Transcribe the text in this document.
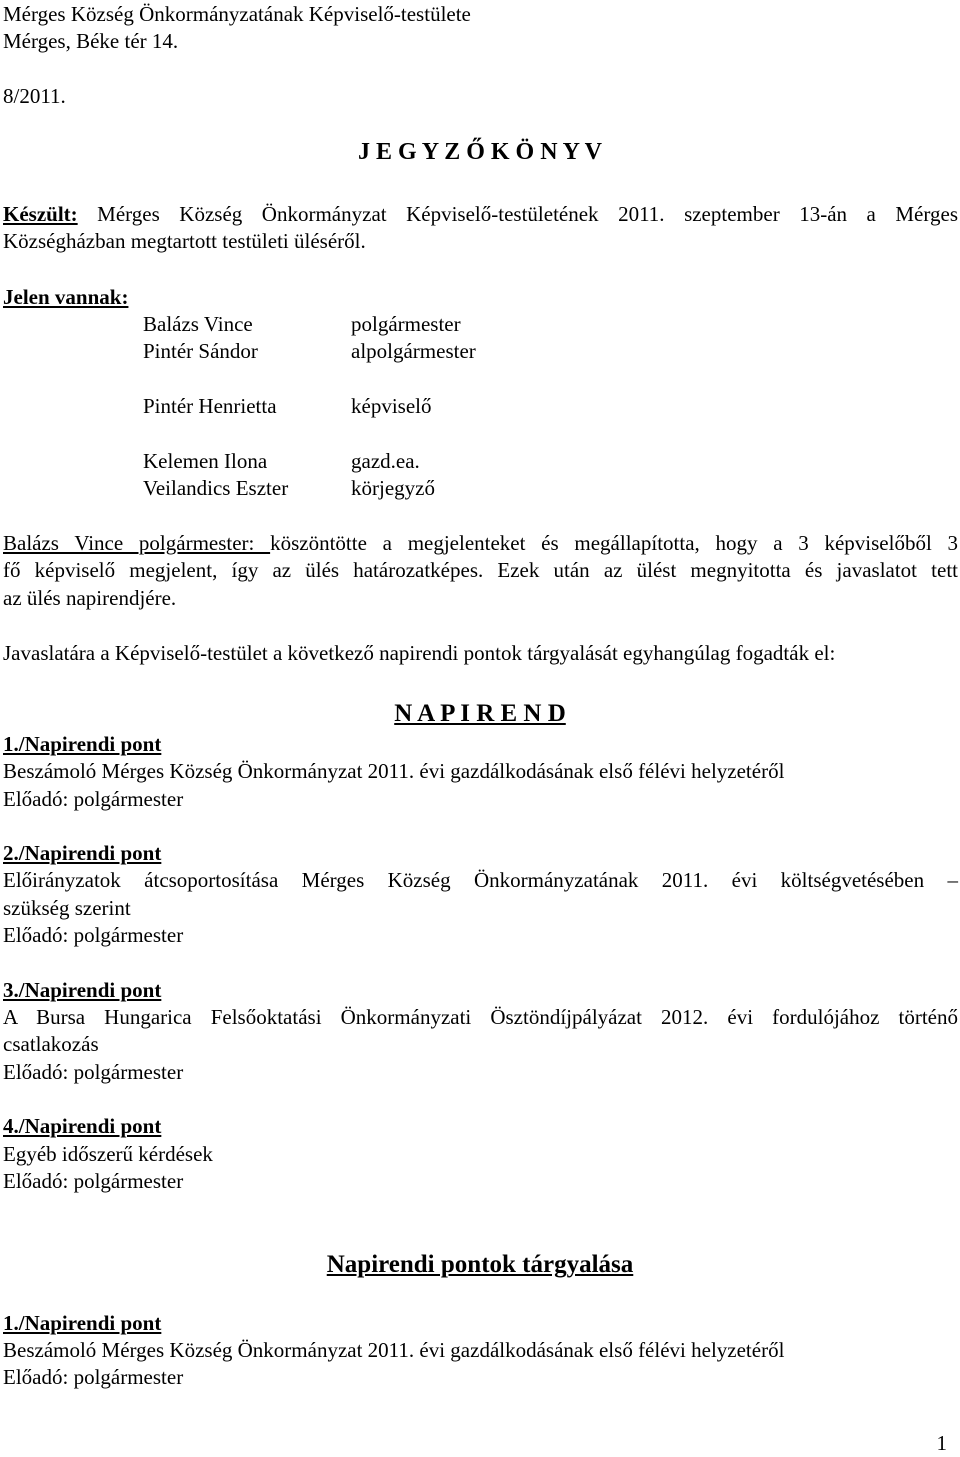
Mérges Község Önkormányzatának Képviselő-testülete
Mérges, Béke tér 14.
8/2011.
J E G Y Z Ő K Ö N Y V
Készült: Mérges Község Önkormányzat Képviselő-testületének 2011. szeptember 13-án a Mérges
Községházban megtartott testületi üléséről.
Jelen vannak:
Balázs Vince	polgármester
Pintér Sándor	alpolgármester
Pintér Henrietta	képviselő
Kelemen Ilona	gazd.ea.
Veilandics Eszter	körjegyző
Balázs Vince polgármester: köszöntötte a megjelenteket és megállapította, hogy a 3 képviselőből 3
fő képviselő megjelent, így az ülés határozatképes. Ezek után az ülést megnyitotta és javaslatot tett
az ülés napirendjére.
Javaslatára a Képviselő-testület a következő napirendi pontok tárgyalását egyhangúlag fogadták el:
N A P I R E N D
1./Napirendi pont
Beszámoló Mérges Község Önkormányzat 2011. évi gazdálkodásának első félévi helyzetéről
Előadó: polgármester
2./Napirendi pont
Előirányzatok átcsoportosítása Mérges Község Önkormányzatának 2011. évi költségvetésében –
szükség szerint
Előadó: polgármester
3./Napirendi pont
A Bursa Hungarica Felsőoktatási Önkormányzati Ösztöndíjpályázat 2012. évi fordulójához történő
csatlakozás
Előadó: polgármester
4./Napirendi pont
Egyéb időszerű kérdések
Előadó: polgármester
Napirendi pontok tárgyalása
1./Napirendi pont
Beszámoló Mérges Község Önkormányzat 2011. évi gazdálkodásának első félévi helyzetéről
Előadó: polgármester
1
